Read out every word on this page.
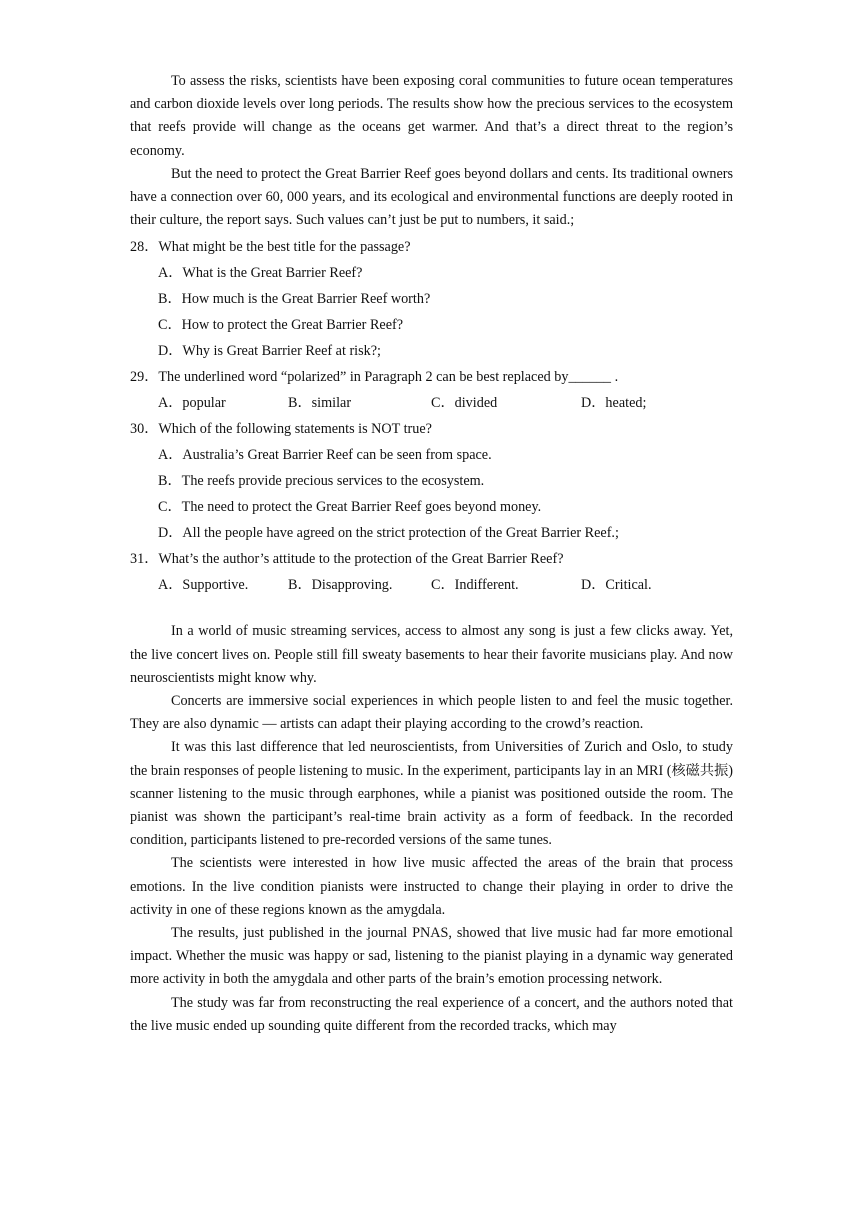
To assess the risks, scientists have been exposing coral communities to future ocean temperatures and carbon dioxide levels over long periods. The results show how the precious services to the ecosystem that reefs provide will change as the oceans get warmer. And that’s a direct threat to the region’s economy.

But the need to protect the Great Barrier Reef goes beyond dollars and cents. Its traditional owners have a connection over 60, 000 years, and its ecological and environmental functions are deeply rooted in their culture, the report says. Such values can’t just be put to numbers, it said.;

28．What might be the best title for the passage?

A．What is the Great Barrier Reef?

B．How much is the Great Barrier Reef worth?

C．How to protect the Great Barrier Reef?

D．Why is Great Barrier Reef at risk?;

29．The underlined word “polarized” in Paragraph 2 can be best replaced by______ .

A．popular	B．similar	C．divided	D．heated;

30．Which of the following statements is NOT true?

A．Australia’s Great Barrier Reef can be seen from space.

B．The reefs provide precious services to the ecosystem.

C．The need to protect the Great Barrier Reef goes beyond money.

D．All the people have agreed on the strict protection of the Great Barrier Reef.;

31．What’s the author’s attitude to the protection of the Great Barrier Reef?

A．Supportive.	B．Disapproving.	C．Indifferent.	D．Critical.

In a world of music streaming services, access to almost any song is just a few clicks away. Yet, the live concert lives on. People still fill sweaty basements to hear their favorite musicians play. And now neuroscientists might know why.

Concerts are immersive social experiences in which people listen to and feel the music together. They are also dynamic — artists can adapt their playing according to the crowd’s reaction.

It was this last difference that led neuroscientists, from Universities of Zurich and Oslo, to study the brain responses of people listening to music. In the experiment, participants lay in an MRI (核磁共振) scanner listening to the music through earphones, while a pianist was positioned outside the room. The pianist was shown the participant’s real-time brain activity as a form of feedback. In the recorded condition, participants listened to pre-recorded versions of the same tunes.

The scientists were interested in how live music affected the areas of the brain that process emotions. In the live condition pianists were instructed to change their playing in order to drive the activity in one of these regions known as the amygdala.

The results, just published in the journal PNAS, showed that live music had far more emotional impact. Whether the music was happy or sad, listening to the pianist playing in a dynamic way generated more activity in both the amygdala and other parts of the brain’s emotion processing network.

The study was far from reconstructing the real experience of a concert, and the authors noted that the live music ended up sounding quite different from the recorded tracks, which may
